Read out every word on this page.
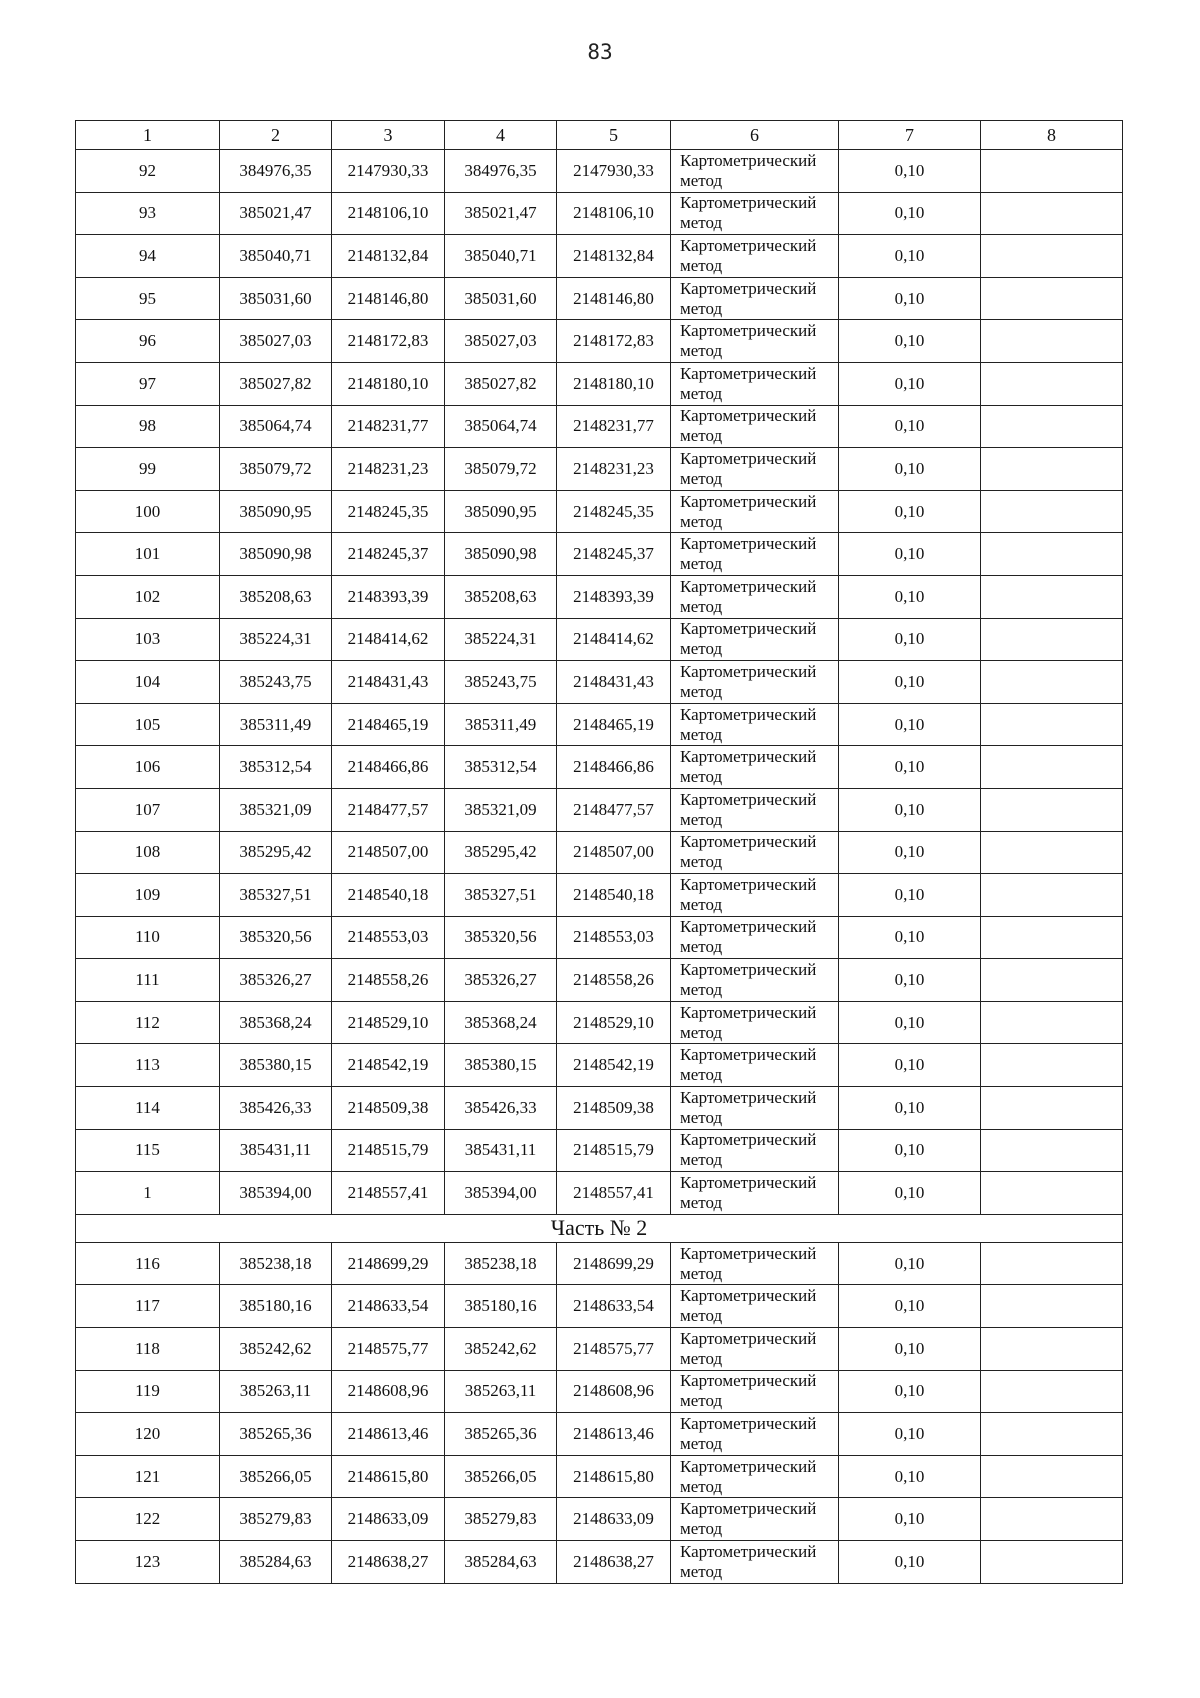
83
1	2	3	4	5	6	7	8
92	384976,35	2147930,33	384976,35	2147930,33	Картометрический метод	0,10	
93	385021,47	2148106,10	385021,47	2148106,10	Картометрический метод	0,10	
94	385040,71	2148132,84	385040,71	2148132,84	Картометрический метод	0,10	
95	385031,60	2148146,80	385031,60	2148146,80	Картометрический метод	0,10	
96	385027,03	2148172,83	385027,03	2148172,83	Картометрический метод	0,10	
97	385027,82	2148180,10	385027,82	2148180,10	Картометрический метод	0,10	
98	385064,74	2148231,77	385064,74	2148231,77	Картометрический метод	0,10	
99	385079,72	2148231,23	385079,72	2148231,23	Картометрический метод	0,10	
100	385090,95	2148245,35	385090,95	2148245,35	Картометрический метод	0,10	
101	385090,98	2148245,37	385090,98	2148245,37	Картометрический метод	0,10	
102	385208,63	2148393,39	385208,63	2148393,39	Картометрический метод	0,10	
103	385224,31	2148414,62	385224,31	2148414,62	Картометрический метод	0,10	
104	385243,75	2148431,43	385243,75	2148431,43	Картометрический метод	0,10	
105	385311,49	2148465,19	385311,49	2148465,19	Картометрический метод	0,10	
106	385312,54	2148466,86	385312,54	2148466,86	Картометрический метод	0,10	
107	385321,09	2148477,57	385321,09	2148477,57	Картометрический метод	0,10	
108	385295,42	2148507,00	385295,42	2148507,00	Картометрический метод	0,10	
109	385327,51	2148540,18	385327,51	2148540,18	Картометрический метод	0,10	
110	385320,56	2148553,03	385320,56	2148553,03	Картометрический метод	0,10	
111	385326,27	2148558,26	385326,27	2148558,26	Картометрический метод	0,10	
112	385368,24	2148529,10	385368,24	2148529,10	Картометрический метод	0,10	
113	385380,15	2148542,19	385380,15	2148542,19	Картометрический метод	0,10	
114	385426,33	2148509,38	385426,33	2148509,38	Картометрический метод	0,10	
115	385431,11	2148515,79	385431,11	2148515,79	Картометрический метод	0,10	
1	385394,00	2148557,41	385394,00	2148557,41	Картометрический метод	0,10	
Часть № 2							
116	385238,18	2148699,29	385238,18	2148699,29	Картометрический метод	0,10	
117	385180,16	2148633,54	385180,16	2148633,54	Картометрический метод	0,10	
118	385242,62	2148575,77	385242,62	2148575,77	Картометрический метод	0,10	
119	385263,11	2148608,96	385263,11	2148608,96	Картометрический метод	0,10	
120	385265,36	2148613,46	385265,36	2148613,46	Картометрический метод	0,10	
121	385266,05	2148615,80	385266,05	2148615,80	Картометрический метод	0,10	
122	385279,83	2148633,09	385279,83	2148633,09	Картометрический метод	0,10	
123	385284,63	2148638,27	385284,63	2148638,27	Картометрический метод	0,10	
